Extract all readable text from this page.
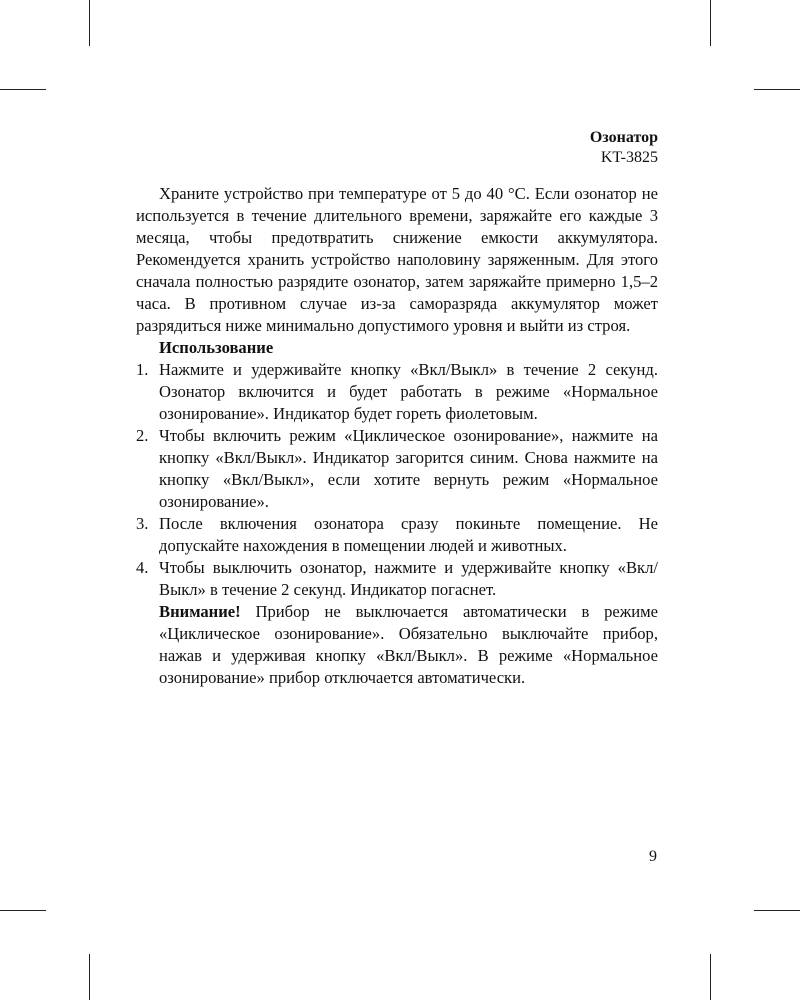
Озонатор
KT-3825

Храните устройство при температуре от 5 до 40 °C. Если озонатор не используется в течение длительного времени, заряжайте его каждые 3 месяца, чтобы предотвратить снижение емкости аккумулятора. Рекомендуется хранить устройство наполовину заряженным. Для этого сначала полностью разрядите озонатор, затем заряжайте примерно 1,5–2 часа. В противном случае из-за саморазряда аккумулятор может разрядиться ниже минимально допустимого уровня и выйти из строя.

Использование

1. Нажмите и удерживайте кнопку «Вкл/Выкл» в течение 2 секунд. Озонатор включится и будет работать в режиме «Нормальное озонирование». Индикатор будет гореть фиолетовым.
2. Чтобы включить режим «Циклическое озонирование», нажмите на кнопку «Вкл/Выкл». Индикатор загорится синим. Снова нажмите на кнопку «Вкл/Выкл», если хотите вернуть режим «Нормальное озонирование».
3. После включения озонатора сразу покиньте помещение. Не допускайте нахождения в помещении людей и животных.
4. Чтобы выключить озонатор, нажмите и удерживайте кнопку «Вкл/Выкл» в течение 2 секунд. Индикатор погаснет.

Внимание! Прибор не выключается автоматически в режиме «Циклическое озонирование». Обязательно выключайте прибор, нажав и удерживая кнопку «Вкл/Выкл». В режиме «Нормальное озонирование» прибор отключается автоматически.

9
